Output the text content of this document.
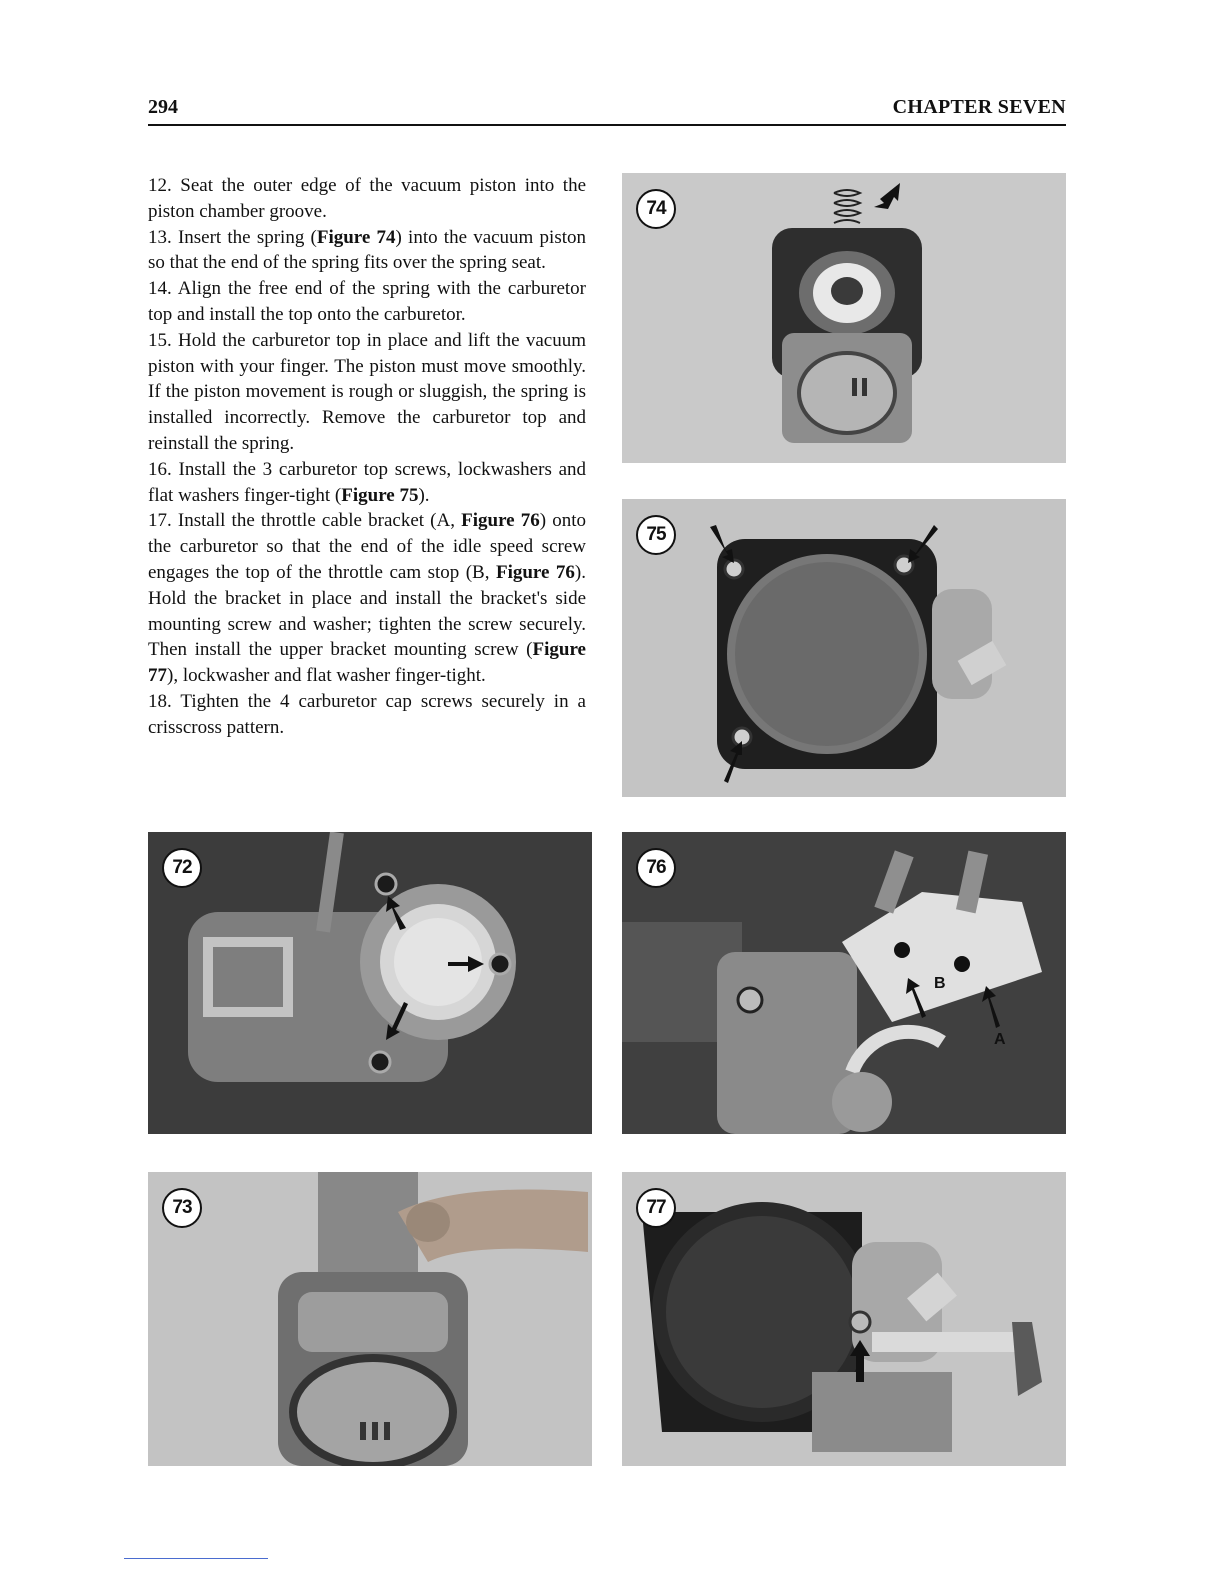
294	CHAPTER SEVEN

12. Seat the outer edge of the vacuum piston into the piston chamber groove.

13. Insert the spring (Figure 74) into the vacuum piston so that the end of the spring fits over the spring seat.

14. Align the free end of the spring with the carburetor top and install the top onto the carburetor.

15. Hold the carburetor top in place and lift the vacuum piston with your finger. The piston must move smoothly. If the piston movement is rough or sluggish, the spring is installed incorrectly. Remove the carburetor top and reinstall the spring.

16. Install the 3 carburetor top screws, lockwashers and flat washers finger-tight (Figure 75).

17. Install the throttle cable bracket (A, Figure 76) onto the carburetor so that the end of the idle speed screw engages the top of the throttle cam stop (B, Figure 76). Hold the bracket in place and install the bracket's side mounting screw and washer; tighten the screw securely. Then install the upper bracket mounting screw (Figure 77), lockwasher and flat washer finger-tight.

18. Tighten the 4 carburetor cap screws securely in a crisscross pattern.

74
75
72
B
A
76
73	77
